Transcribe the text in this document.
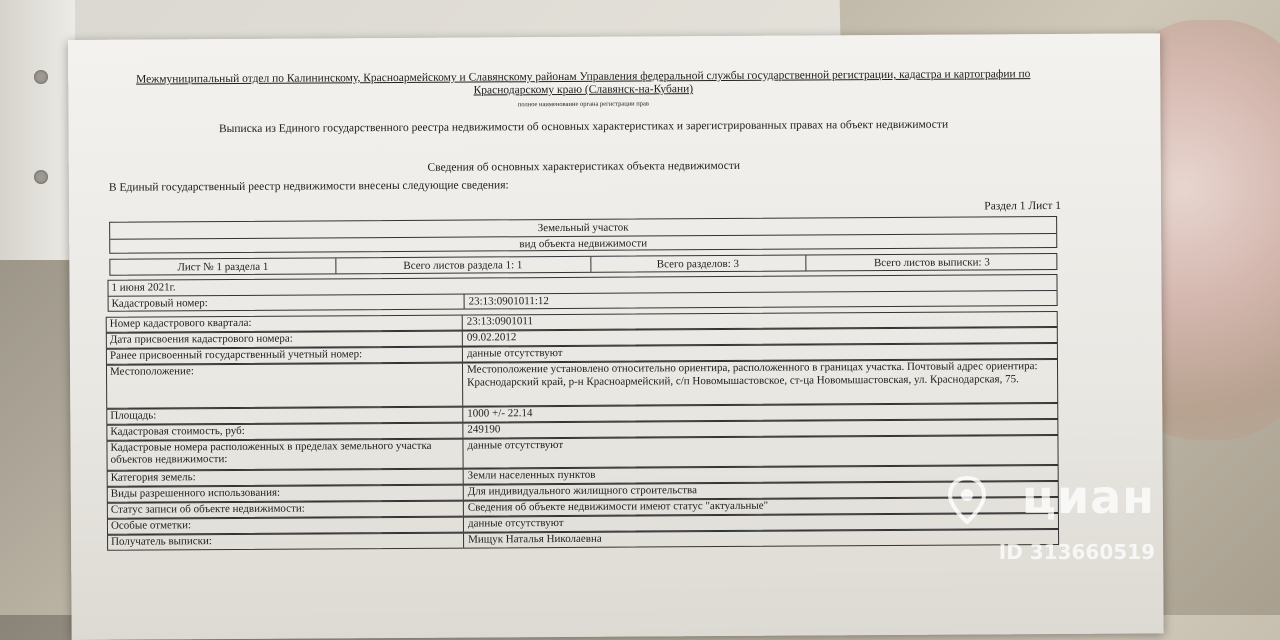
Межмуниципальный отдел по Калининскому, Красноармейскому и Славянскому районам Управления федеральной службы государственной регистрации, кадастра и картографии по Краснодарскому краю (Славянск-на-Кубани)
полное наименование органа регистрации прав
Выписка из Единого государственного реестра недвижимости об основных характеристиках и зарегистрированных правах на объект недвижимости
Сведения об основных характеристиках объекта недвижимости
В Единый государственный реестр недвижимости внесены следующие сведения:
Раздел 1 Лист 1
Земельный участок
вид объекта недвижимости
Лист № 1 раздела 1	Всего листов раздела 1: 1	Всего разделов: 3	Всего листов выписки: 3
1 июня 2021г.
Кадастровый номер:	23:13:0901011:12
Номер кадастрового квартала:	23:13:0901011
Дата присвоения кадастрового номера:	09.02.2012
Ранее присвоенный государственный учетный номер:	данные отсутствуют
Местоположение:	Местоположение установлено относительно ориентира, расположенного в границах участка. Почтовый адрес ориентира: Краснодарский край, р-н Красноармейский, с/п Новомышастовское, ст-ца Новомышастовская, ул. Краснодарская, 75.
Площадь:	1000 +/- 22.14
Кадастровая стоимость, руб:	249190
Кадастровые номера расположенных в пределах земельного участка объектов недвижимости:
данные отсутствуют
Категория земель:	Земли населенных пунктов
Виды разрешенного использования:	Для индивидуального жилищного строительства
Статус записи об объекте недвижимости:	Сведения об объекте недвижимости имеют статус "актуальные"
Особые отметки:	данные отсутствуют
Получатель выписки:	Мищук Наталья Николаевна
циан
ID 313660519
